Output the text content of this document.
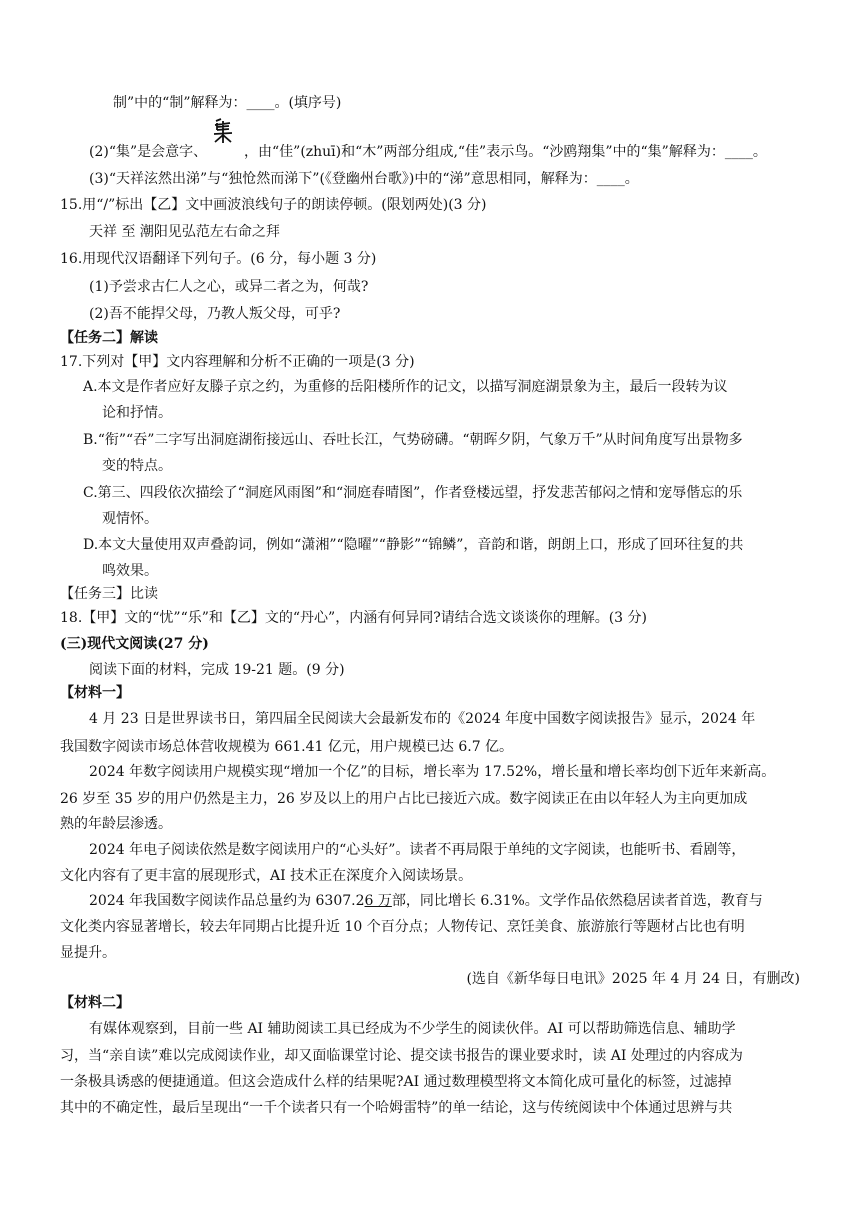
制”中的“制”解释为：____。(填序号)
(2)“集”是会意字、	，由“佳”(zhuī)和“木”两部分组成,“佳”表示鸟。“沙鸥翔集”中的“集”解释为：____。
(3)“天祥泫然出涕”与“独怆然而涕下”(《登幽州台歌》)中的“涕”意思相同，解释为：____。
15.用“/”标出【乙】文中画波浪线句子的朗读停顿。(限划两处)(3 分)
天祥 至 潮阳见弘范左右命之拜
16.用现代汉语翻译下列句子。(6 分，每小题 3 分)
(1)予尝求古仁人之心，或异二者之为，何哉?
(2)吾不能捍父母，乃教人叛父母，可乎?
【任务二】解读
17.下列对【甲】文内容理解和分析不正确的一项是(3 分)
A.本文是作者应好友滕子京之约，为重修的岳阳楼所作的记文，以描写洞庭湖景象为主，最后一段转为议
论和抒情。
B.“衔”“吞”二字写出洞庭湖衔接远山、吞吐长江，气势磅礴。“朝晖夕阴，气象万千”从时间角度写出景物多
变的特点。
C.第三、四段依次描绘了“洞庭风雨图”和“洞庭春晴图”，作者登楼远望，抒发悲苦郁闷之情和宠辱偕忘的乐
观情怀。
D.本文大量使用双声叠韵词，例如“潇湘”“隐曜”“静影”“锦鳞”，音韵和谐，朗朗上口，形成了回环往复的共
鸣效果。
【任务三】比读
18.【甲】文的“忧”“乐”和【乙】文的“丹心”，内涵有何异同?请结合选文谈谈你的理解。(3 分)
(三)现代文阅读(27 分)
阅读下面的材料，完成 19-21 题。(9 分)
【材料一】
4 月 23 日是世界读书日，第四届全民阅读大会最新发布的《2024 年度中国数字阅读报告》显示，2024 年
我国数字阅读市场总体营收规模为 661.41 亿元，用户规模已达 6.7 亿。
2024 年数字阅读用户规模实现“增加一个亿”的目标，增长率为 17.52%，增长量和增长率均创下近年来新高。
26 岁至 35 岁的用户仍然是主力，26 岁及以上的用户占比已接近六成。数字阅读正在由以年轻人为主向更加成
熟的年龄层渗透。
2024 年电子阅读依然是数字阅读用户的“心头好”。读者不再局限于单纯的文字阅读，也能听书、看剧等，
文化内容有了更丰富的展现形式，AI 技术正在深度介入阅读场景。
2024 年我国数字阅读作品总量约为 6307.26 万部，同比增长 6.31%。文学作品依然稳居读者首选，教育与
文化类内容显著增长，较去年同期占比提升近 10 个百分点；人物传记、烹饪美食、旅游旅行等题材占比也有明
显提升。
(选自《新华每日电讯》2025 年 4 月 24 日，有删改)
【材料二】
有媒体观察到，目前一些 AI 辅助阅读工具已经成为不少学生的阅读伙伴。AI 可以帮助筛选信息、辅助学
习，当“亲自读”难以完成阅读作业，却又面临课堂讨论、提交读书报告的课业要求时，读 AI 处理过的内容成为
一条极具诱惑的便捷通道。但这会造成什么样的结果呢?AI 通过数理模型将文本简化成可量化的标签，过滤掉
其中的不确定性，最后呈现出“一千个读者只有一个哈姆雷特”的单一结论，这与传统阅读中个体通过思辨与共
